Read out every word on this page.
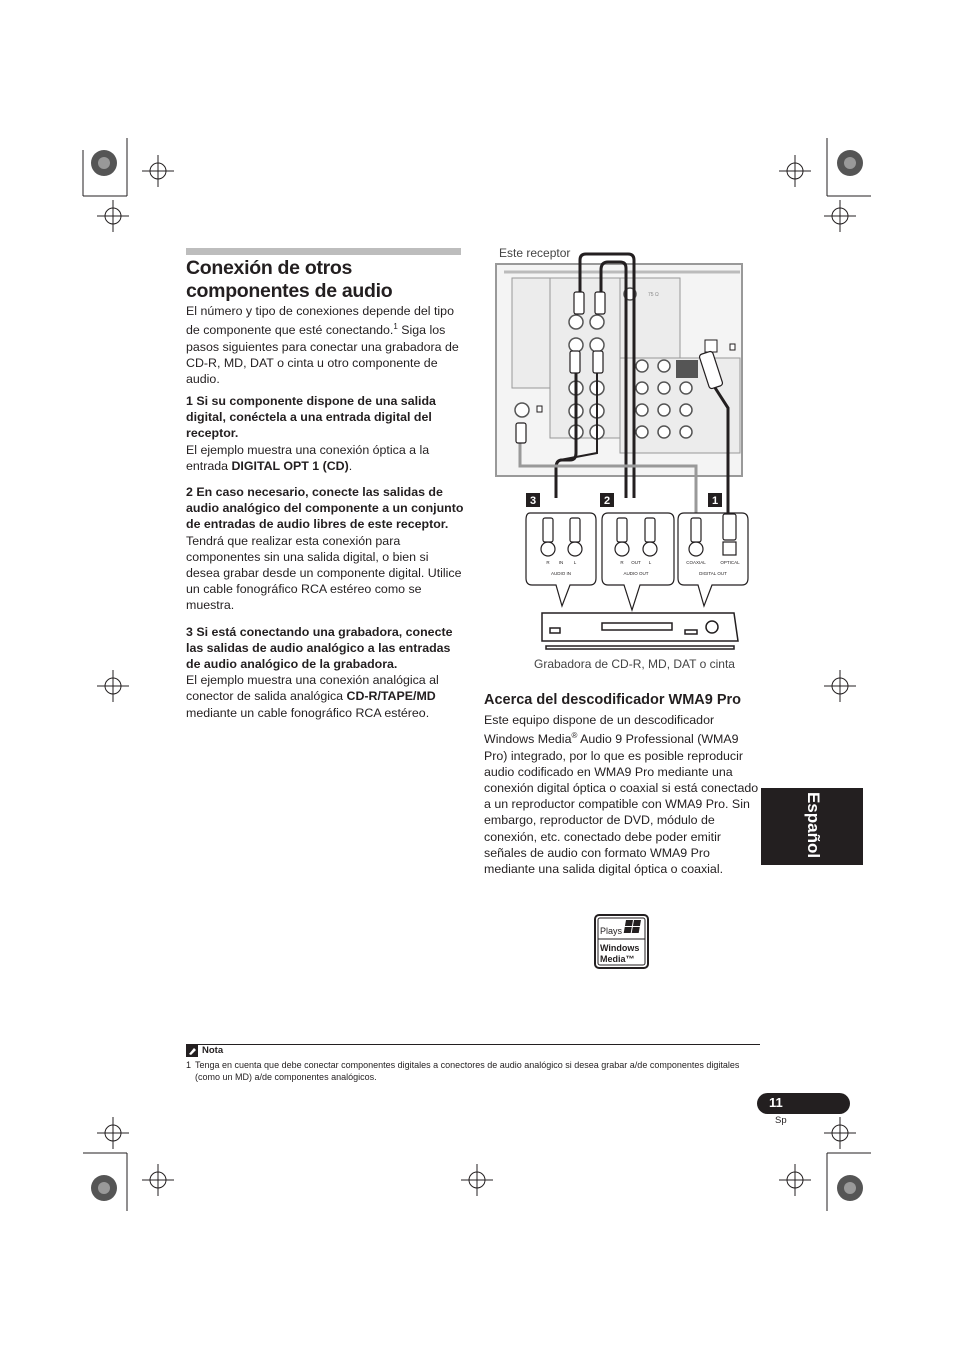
Conexión de otros componentes de audio
El número y tipo de conexiones depende del tipo de componente que esté conectando.$^1$ Siga los pasos siguientes para conectar una grabadora de CD-R, MD, DAT o cinta u otro componente de audio.

1 Si su componente dispone de una salida digital, conéctela a una entrada digital del receptor.

El ejemplo muestra una conexión óptica a la entrada DIGITAL OPT 1 (CD).

2 En caso necesario, conecte las salidas de audio analógico del componente a un conjunto de entradas de audio libres de este receptor.

Tendrá que realizar esta conexión para componentes sin una salida digital, o bien si desea grabar desde un componente digital. Utilice un cable fonográfico RCA estéreo como se muestra.

3 Si está conectando una grabadora, conecte las salidas de audio analógico a las entradas de audio analógico de la grabadora.

El ejemplo muestra una conexión analógica al conector de salida analógica CD-R/TAPE/MD mediante un cable fonográfico RCA estéreo.

Este receptor
75 Ω
3	2	1
R IN L
AUDIO IN
R OUT L
AUDIO OUT
COAXIAL	OPTICAL
DIGITAL OUT
Grabadora de CD-R, MD, DAT o cinta
Acerca del descodificador WMA9 Pro
Este equipo dispone de un descodificador Windows Media® Audio 9 Professional (WMA9 Pro) integrado, por lo que es posible reproducir audio codificado en WMA9 Pro mediante una conexión digital óptica o coaxial si está conectado a un reproductor compatible con WMA9 Pro. Sin embargo, reproductor de DVD, módulo de conexión, etc. conectado debe poder emitir señales de audio con formato WMA9 Pro mediante una salida digital óptica o coaxial.
Plays
Windows
Media™
Español
Nota
1 Tenga en cuenta que debe conectar componentes digitales a conectores de audio analógico si desea grabar a/de componentes digitales (como un MD) a/de componentes analógicos.
11
Sp
